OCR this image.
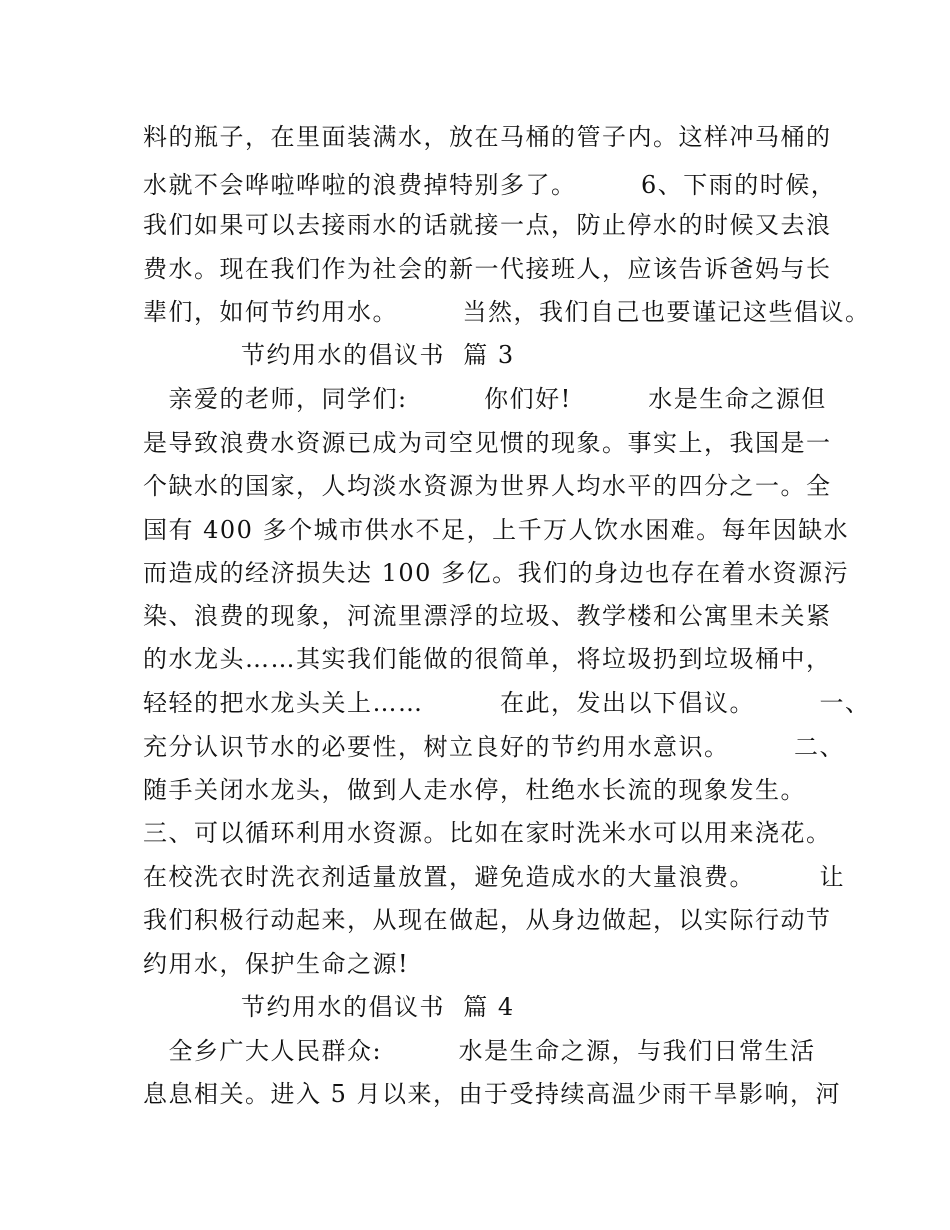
料的瓶子，在里面装满水，放在马桶的管子内。这样冲马桶的

水就不会哗啦哗啦的浪费掉特别多了。　　　6、下雨的时候，

我们如果可以去接雨水的话就接一点，防止停水的时候又去浪

费水。现在我们作为社会的新一代接班人，应该告诉爸妈与长

辈们，如何节约用水。　　　当然，我们自己也要谨记这些倡议。

节约用水的倡议书  篇 3

　亲爱的老师，同学们:　　　你们好!　　　水是生命之源但

是导致浪费水资源已成为司空见惯的现象。事实上，我国是一

个缺水的国家，人均淡水资源为世界人均水平的四分之一。全

国有 400 多个城市供水不足，上千万人饮水困难。每年因缺水

而造成的经济损失达 100 多亿。我们的身边也存在着水资源污

染、浪费的现象，河流里漂浮的垃圾、教学楼和公寓里未关紧

的水龙头……其实我们能做的很简单，将垃圾扔到垃圾桶中，

轻轻的把水龙头关上……　　　在此，发出以下倡议。　　　一、

充分认识节水的必要性，树立良好的节约用水意识。　　　二、

随手关闭水龙头，做到人走水停，杜绝水长流的现象发生。

三、可以循环利用水资源。比如在家时洗米水可以用来浇花。

在校洗衣时洗衣剂适量放置，避免造成水的大量浪费。　　　让

我们积极行动起来，从现在做起，从身边做起，以实际行动节

约用水，保护生命之源!

节约用水的倡议书  篇 4

　全乡广大人民群众:　　　水是生命之源，与我们日常生活

息息相关。进入 5 月以来，由于受持续高温少雨干旱影响，河
